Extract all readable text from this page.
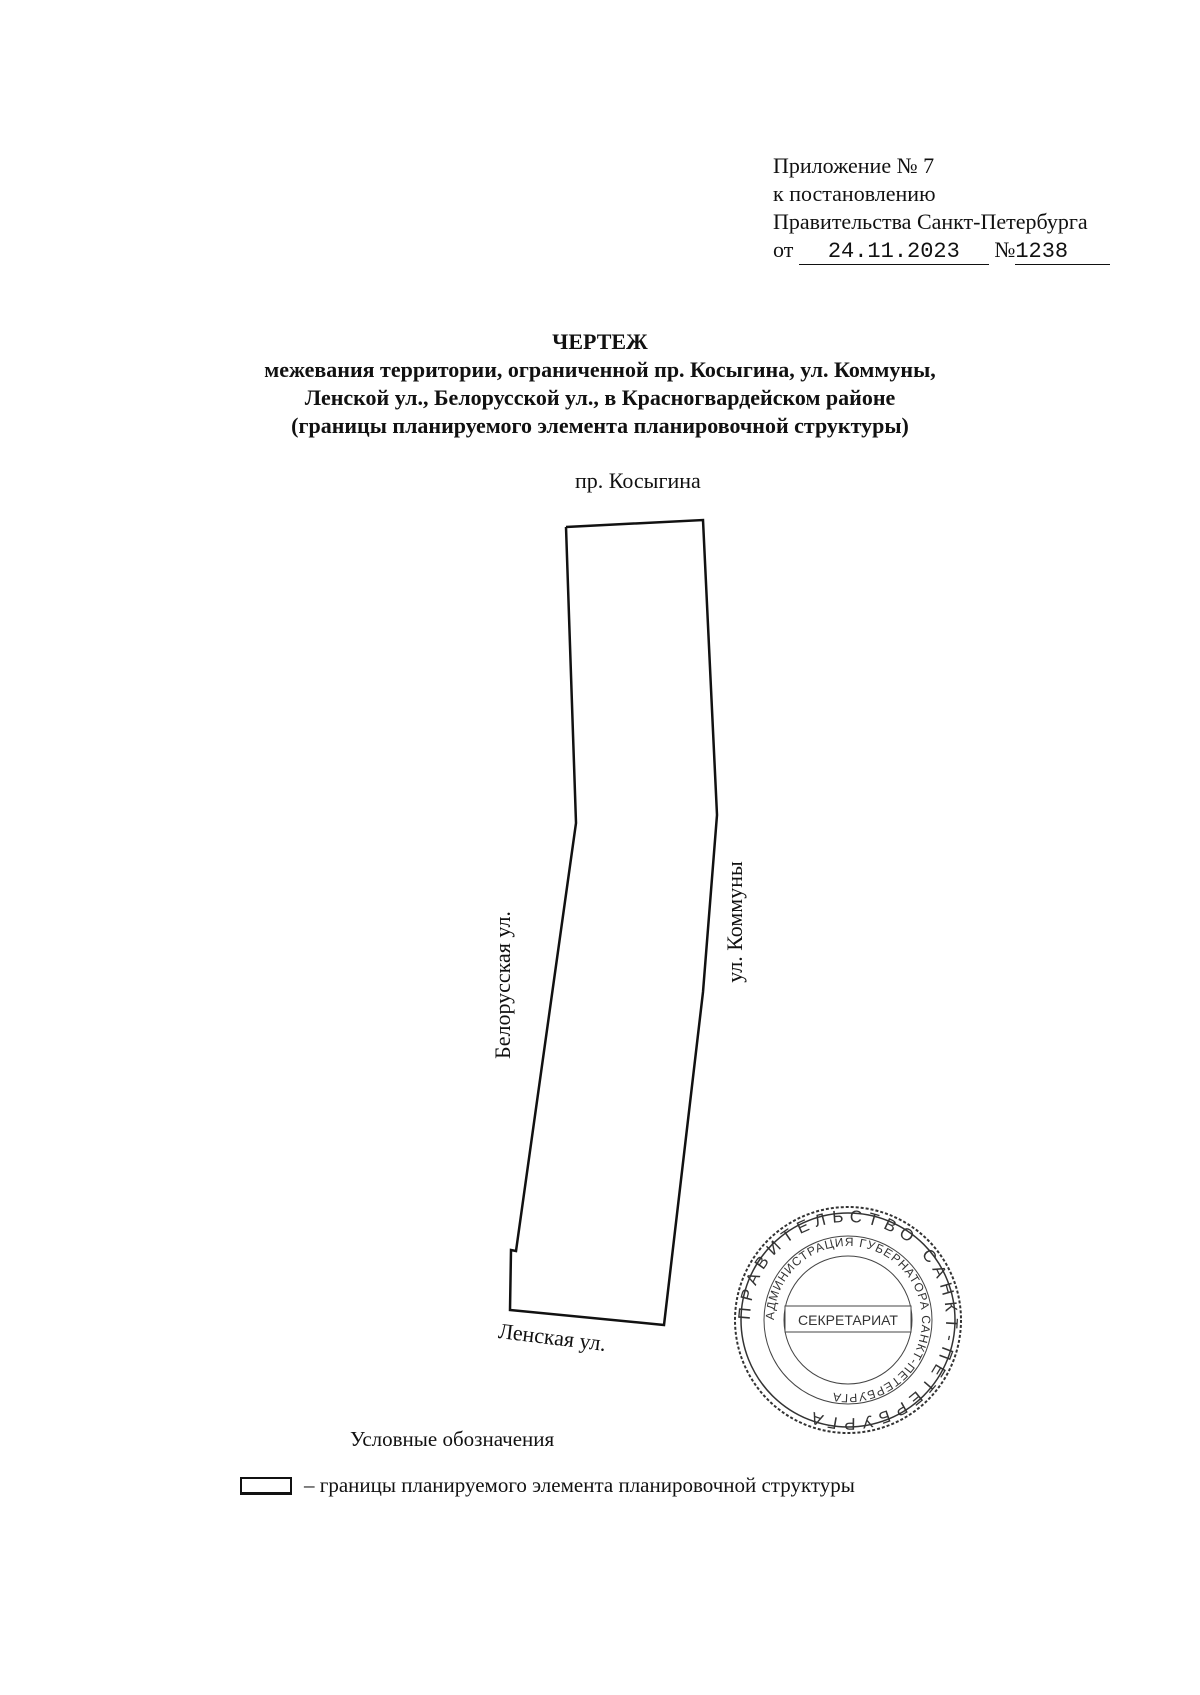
Приложение № 7
к постановлению
Правительства Санкт-Петербурга
от 24.11.2023 №1238
ЧЕРТЕЖ
межевания территории, ограниченной пр. Косыгина, ул. Коммуны,
Ленской ул., Белорусской ул., в Красногвардейском районе
(границы планируемого элемента планировочной структуры)
пр. Косыгина
ул. Коммуны
Белорусская ул.
Ленская ул.
ПРАВИТЕЛЬСТВО САНКТ-ПЕТЕРБУРГА
АДМИНИСТРАЦИЯ ГУБЕРНАТОРА САНКТ-ПЕТЕРБУРГА
СЕКРЕТАРИАТ
Условные обозначения
– границы планируемого элемента планировочной структуры
